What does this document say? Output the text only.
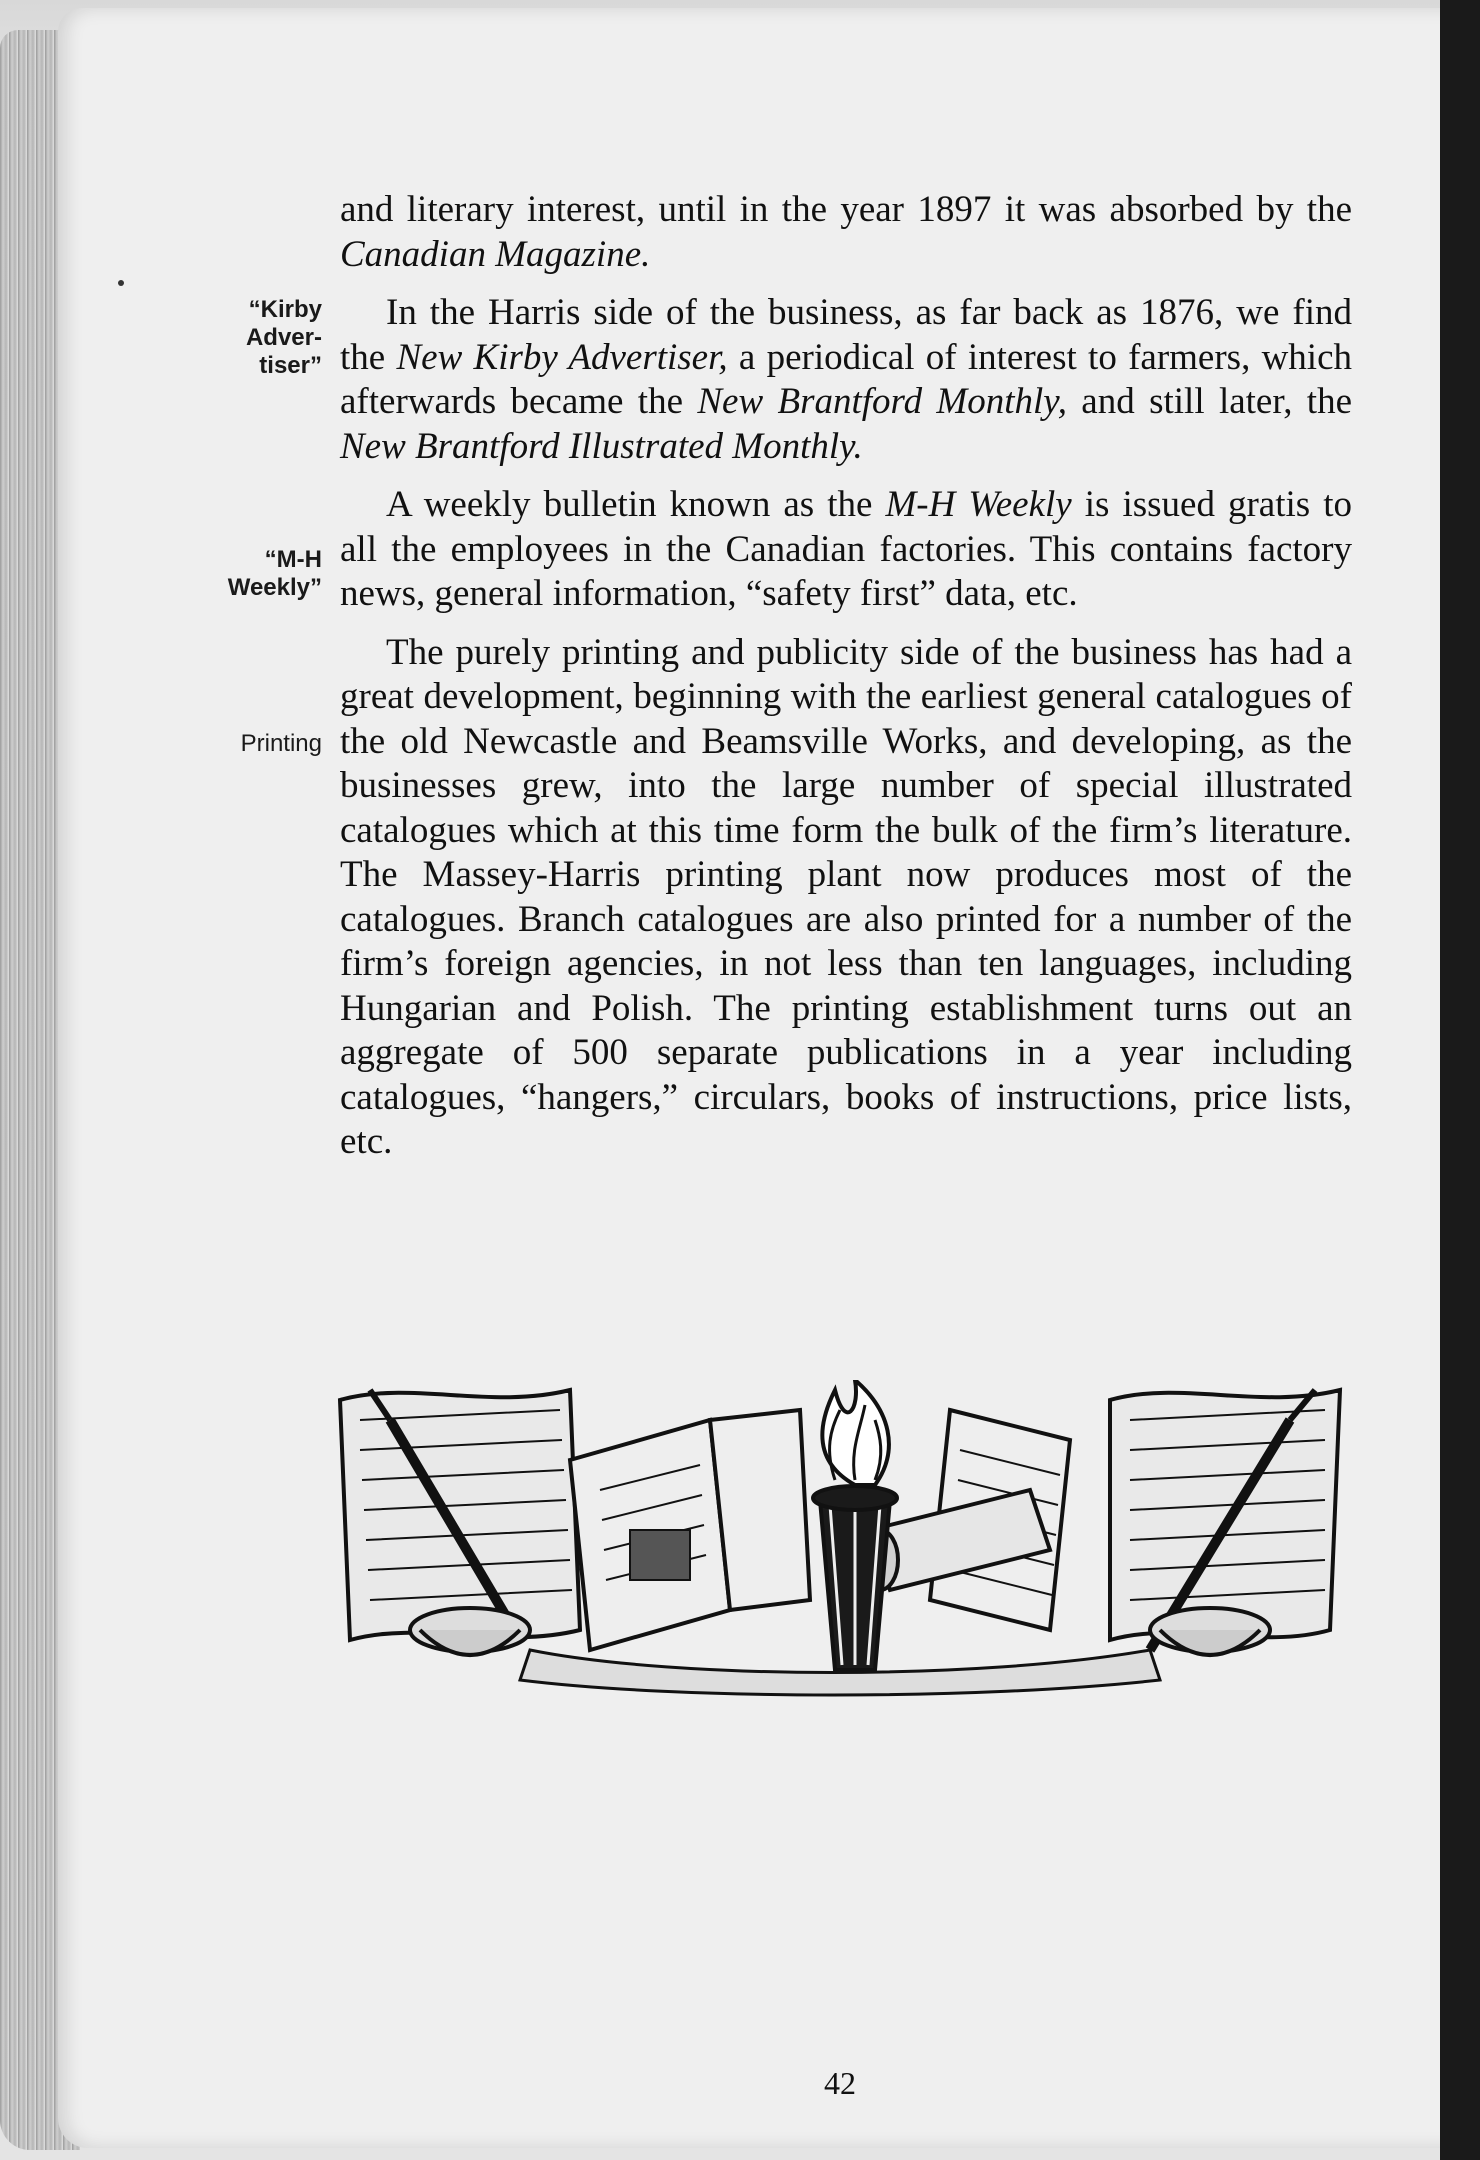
“Kirby
Adver-
tiser”
“M-H
Weekly”
Printing

and literary interest, until in the year 1897 it was absorbed by the Canadian Magazine.

In the Harris side of the business, as far back as 1876, we find the New Kirby Advertiser, a periodical of interest to farmers, which afterwards became the New Brantford Monthly, and still later, the New Brantford Illustrated Monthly.

A weekly bulletin known as the M-H Weekly is issued gratis to all the employees in the Canadian factories. This contains factory news, general information, “safety first” data, etc.

The purely printing and publicity side of the business has had a great development, beginning with the earliest general catalogues of the old Newcastle and Beamsville Works, and developing, as the businesses grew, into the large number of special illustrated catalogues which at this time form the bulk of the firm’s literature. The Massey-Harris printing plant now produces most of the catalogues. Branch catalogues are also printed for a number of the firm’s foreign agencies, in not less than ten languages, including Hungarian and Polish. The printing establishment turns out an aggregate of 500 separate publications in a year including catalogues, “hangers,” circulars, books of instructions, price lists, etc.

42
